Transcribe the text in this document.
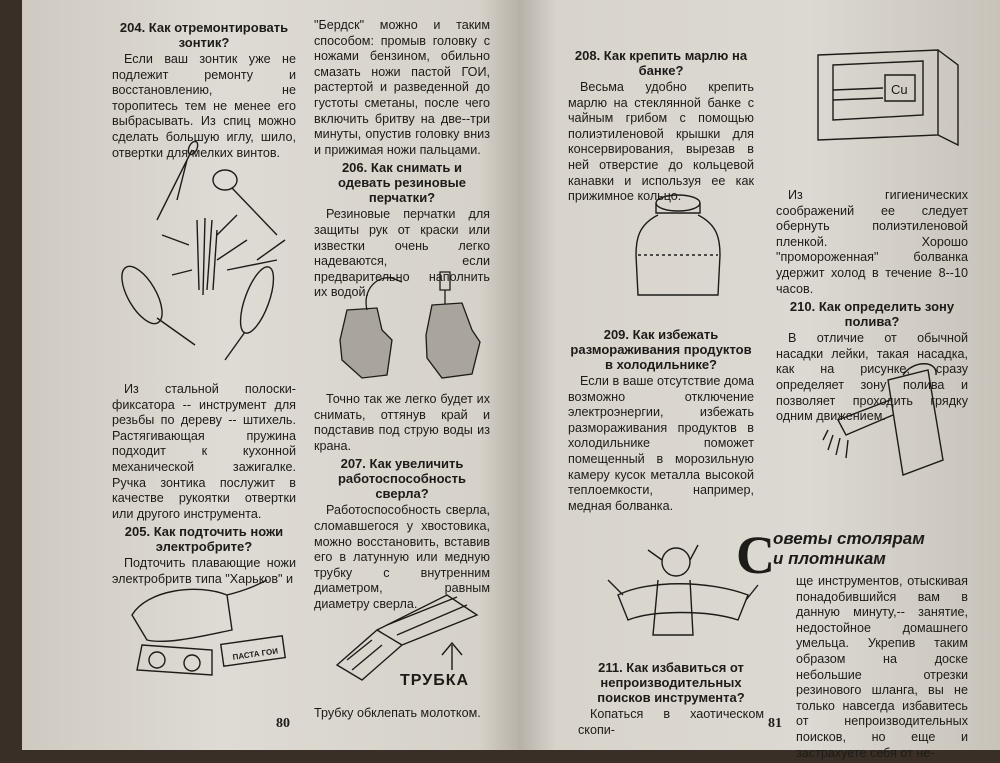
204. Как отремонтировать зонтик?

Если ваш зонтик уже не подлежит ремонту и восстановлению, не торопитесь тем не менее его выбрасывать. Из спиц можно сделать большую иглу, шило, отвертки для мелких винтов.

Из стальной полоски-фиксатора -- инструмент для резьбы по дереву -- штихель. Растягивающая пружина подходит к кухонной механической зажигалке. Ручка зонтика послужит в качестве рукоятки отвертки или другого инструмента.

205. Как подточить ножи электробрите?

Подточить плавающие ножи электробритв типа "Харьков" и

ПАСТА ГОИ

"Бердск" можно и таким способом: промыв головку с ножами бензином, обильно смазать ножи пастой ГОИ, растертой и разведенной до густоты сметаны, после чего включить бритву на две--три минуты, опустив головку вниз и прижимая ножи пальцами.

206. Как снимать и одевать резиновые перчатки?

Резиновые перчатки для защиты рук от краски или известки очень легко надеваются, если предварительно наполнить их водой.

Точно так же легко будет их снимать, оттянув край и подставив под струю воды из крана.

207. Как увеличить работоспособность сверла?

Работоспособность сверла, сломавшегося у хвостовика, можно восстановить, вставив его в латунную или медную трубку с внутренним диаметром, равным диаметру сверла.

ТРУБКА
Трубку обклепать молотком.
80

208. Как крепить марлю на банке?

Весьма удобно крепить марлю на стеклянной банке с чайным грибом с помощью полиэтиленовой крышки для консервирования, вырезав в ней отверстие до кольцевой канавки и используя ее как прижимное кольцо.

209. Как избежать размораживания продуктов в холодильнике?

Если в ваше отсутствие дома возможно отключение электроэнергии, избежать размораживания продуктов в холодильнике поможет помещенный в морозильную камеру кусок металла высокой теплоемкости, например, медная болванка.

Cu

Из гигиенических соображений ее следует обернуть полиэтиленовой пленкой. Хорошо "промороженная" болванка удержит холод в течение 8--10 часов.

210. Как определить зону полива?

В отличие от обычной насадки лейки, такая насадка, как на рисунке, сразу определяет зону полива и позволяет проходить грядку одним движением.

С
оветы столярам
и плотникам

ще инструментов, отыскивая понадобившийся вам в данную минуту,-- занятие, недостойное домашнего умельца. Укрепив таким образом на доске небольшие отрезки резинового шланга, вы не только навсегда избавитесь от непроизводительных поисков, но еще и застрахуете себя от не-

211. Как избавиться от непроизводительных поисков инструмента?

Копаться в хаотическом скопи-	81
